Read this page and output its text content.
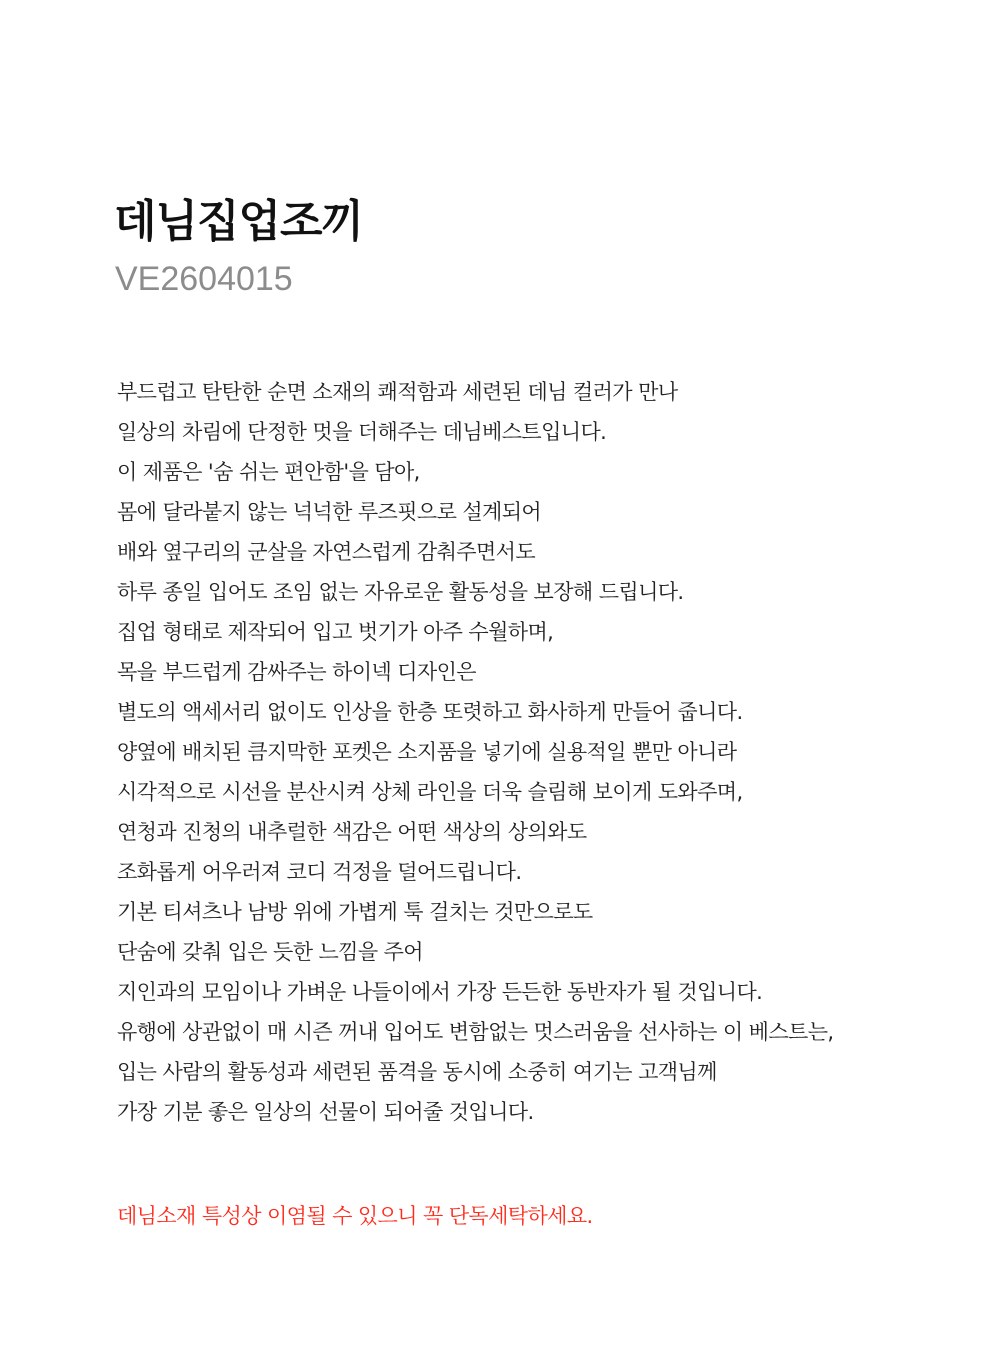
데님집업조끼

VE2604015

부드럽고 탄탄한 순면 소재의 쾌적함과 세련된 데님 컬러가 만나
일상의 차림에 단정한 멋을 더해주는 데님베스트입니다.
이 제품은 '숨 쉬는 편안함'을 담아,
몸에 달라붙지 않는 넉넉한 루즈핏으로 설계되어
배와 옆구리의 군살을 자연스럽게 감춰주면서도
하루 종일 입어도 조임 없는 자유로운 활동성을 보장해 드립니다.
집업 형태로 제작되어 입고 벗기가 아주 수월하며,
목을 부드럽게 감싸주는 하이넥 디자인은
별도의 액세서리 없이도 인상을 한층 또렷하고 화사하게 만들어 줍니다.
양옆에 배치된 큼지막한 포켓은 소지품을 넣기에 실용적일 뿐만 아니라
시각적으로 시선을 분산시켜 상체 라인을 더욱 슬림해 보이게 도와주며,
연청과 진청의 내추럴한 색감은 어떤 색상의 상의와도
조화롭게 어우러져 코디 걱정을 덜어드립니다.
기본 티셔츠나 남방 위에 가볍게 툭 걸치는 것만으로도
단숨에 갖춰 입은 듯한 느낌을 주어
지인과의 모임이나 가벼운 나들이에서 가장 든든한 동반자가 될 것입니다.
유행에 상관없이 매 시즌 꺼내 입어도 변함없는 멋스러움을 선사하는 이 베스트는,
입는 사람의 활동성과 세련된 품격을 동시에 소중히 여기는 고객님께
가장 기분 좋은 일상의 선물이 되어줄 것입니다.

데님소재 특성상 이염될 수 있으니 꼭 단독세탁하세요.
